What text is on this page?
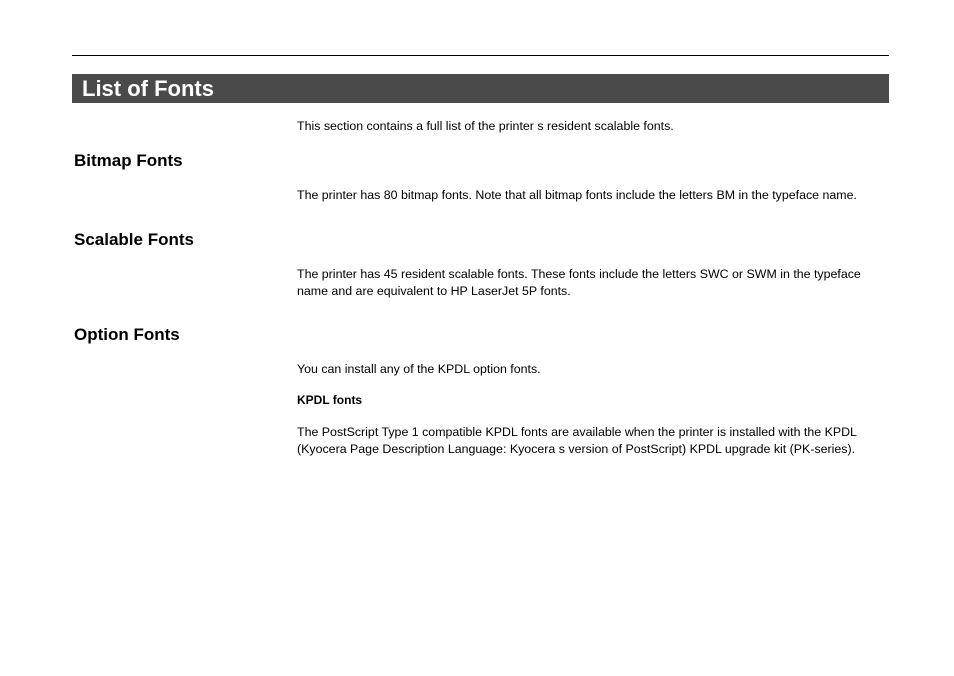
List of Fonts

This section contains a full list of the printer s resident scalable fonts.

Bitmap Fonts

The printer has 80 bitmap fonts. Note that all bitmap fonts include the letters BM in the typeface name.

Scalable Fonts

The printer has 45 resident scalable fonts. These fonts include the letters SWC or SWM in the typeface name and are equivalent to HP LaserJet 5P fonts.

Option Fonts

You can install any of the KPDL option fonts.

KPDL fonts

The PostScript Type 1 compatible KPDL fonts are available when the printer is installed with the KPDL (Kyocera Page Description Language: Kyocera s version of PostScript) KPDL upgrade kit (PK-series).
